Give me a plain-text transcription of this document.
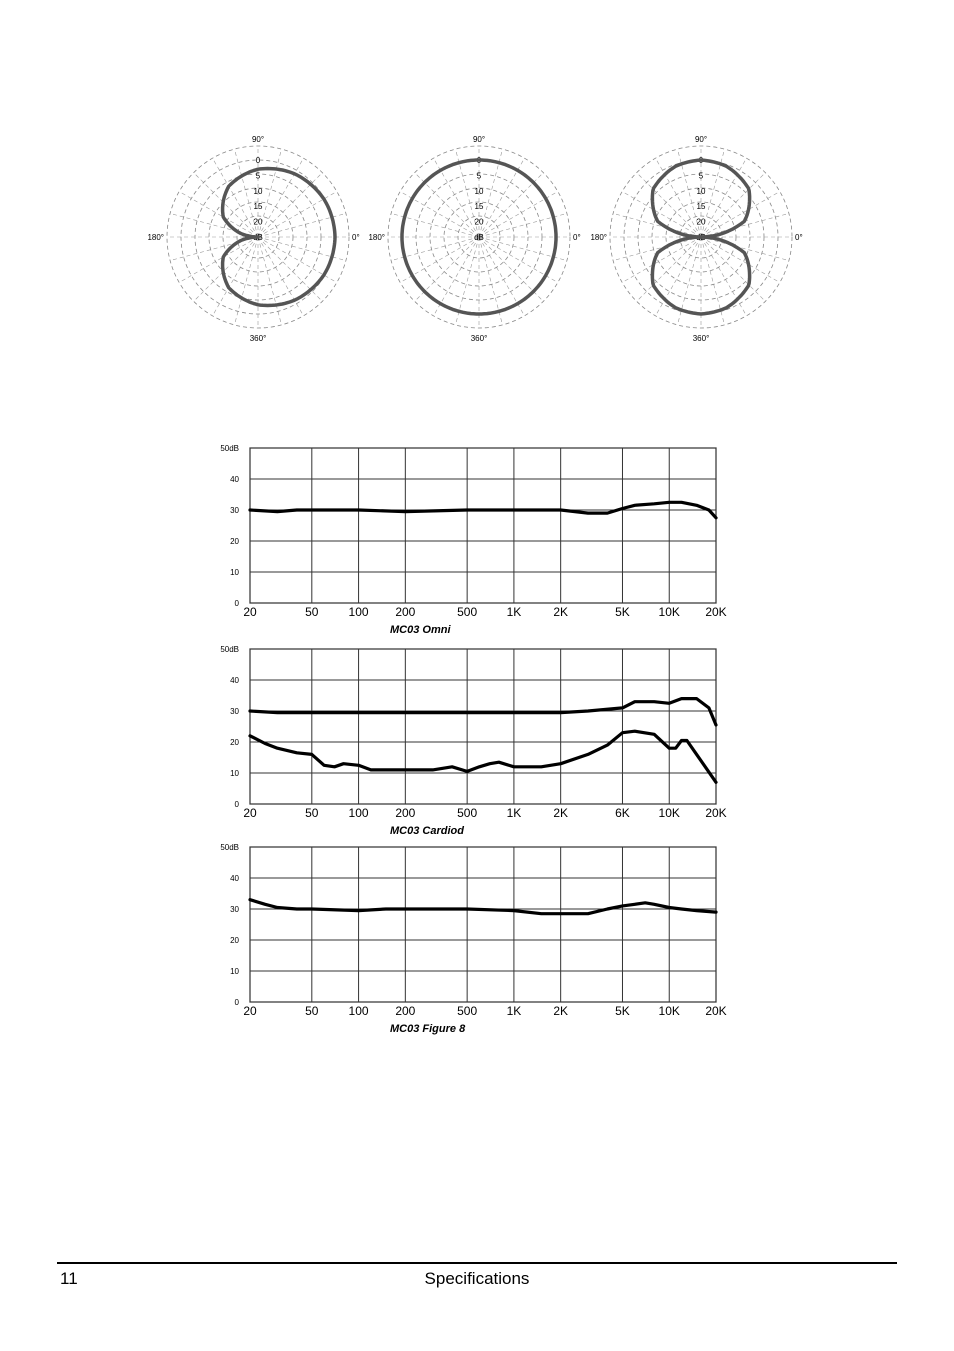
90°
180°	0°
360°
0
5
10
15
20
dB
90°
180°	0°
360°
0
5
10
15
20
dB
90°
180°	0°
360°
0
5
10
15
20
dB
20	50	100 200	500 1K	2K	5K 10K 20K
0
10
20
30
40
50dB
MC03 Omni
20	50	100 200	500 1K	2K	6K 10K 20K
0
10
20
30
40
50dB
MC03 Cardiod
20	50	100 200	500 1K	2K	5K 10K 20K
0
10
20
30
40
50dB
MC03 Figure 8
11	Specifications
